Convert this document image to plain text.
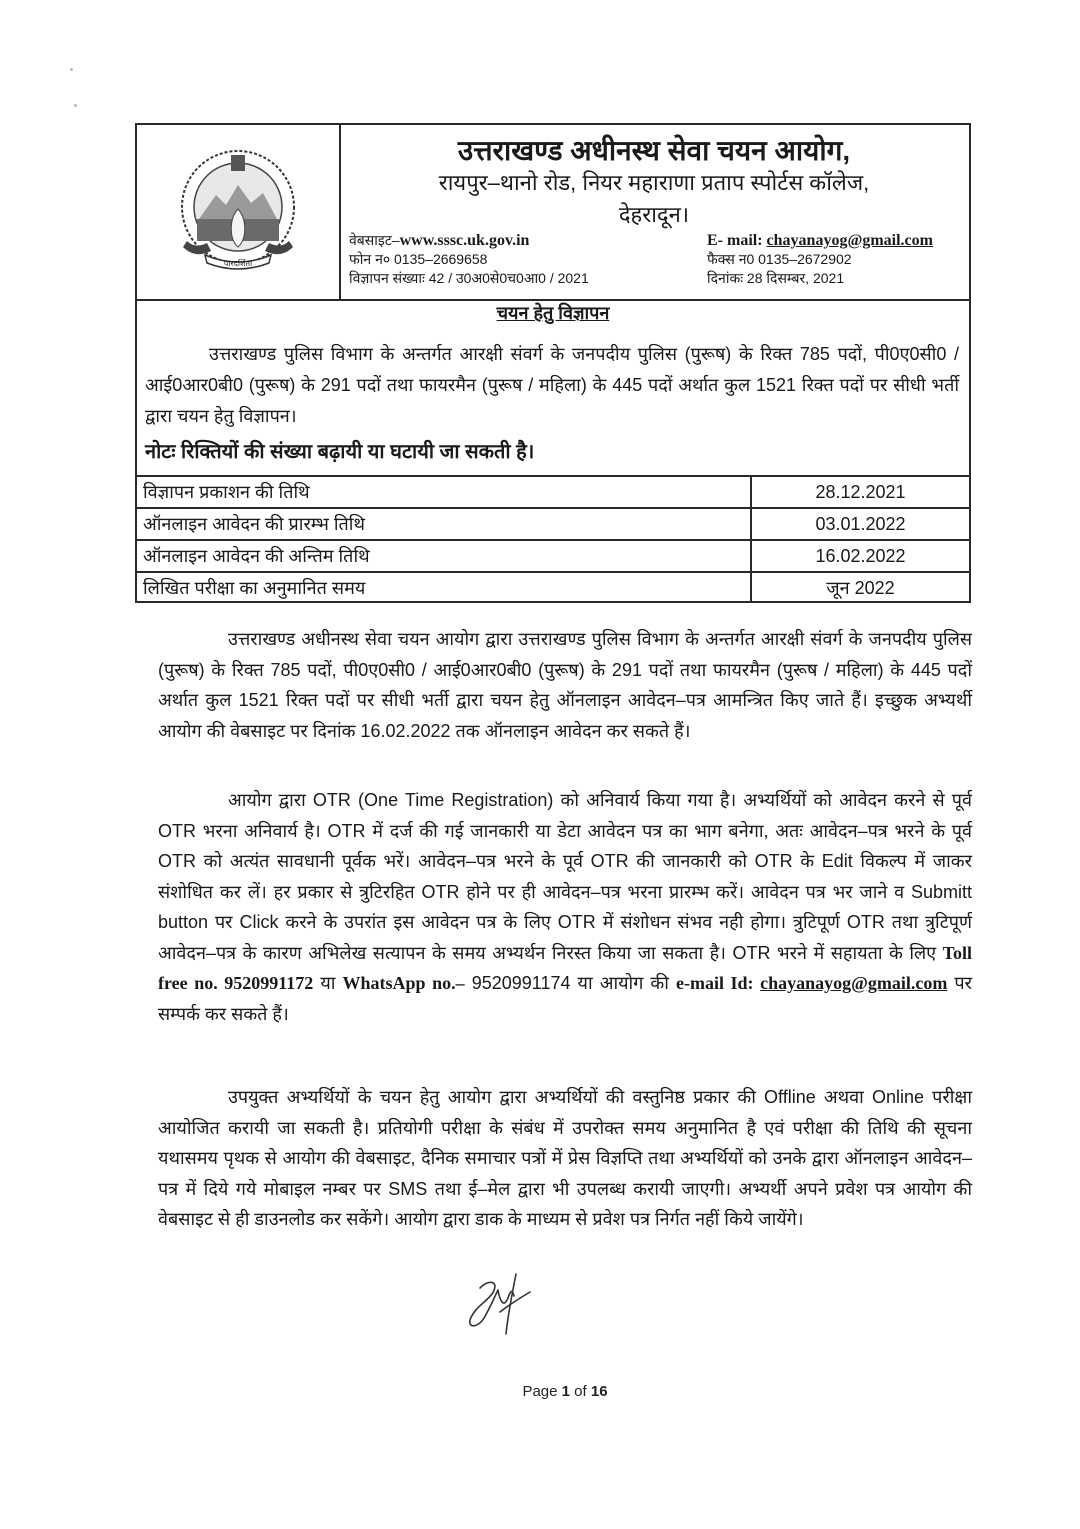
पारदर्शिता
उत्तराखण्ड अधीनस्थ सेवा चयन आयोग,
रायपुर–थानो रोड, नियर महाराणा प्रताप स्पोर्टस कॉलेज,
देहरादून।
वेबसाइट–www.sssc.uk.gov.in
फोन न० 0135–2669658
विज्ञापन संख्याः 42 / उ0अ0से0च0आ0 / 2021
E- mail: chayanayog@gmail.com
फैक्स न0 0135–2672902
दिनांकः 28 दिसम्बर, 2021
चयन हेतु विज्ञापन
उत्तराखण्ड पुलिस विभाग के अन्तर्गत आरक्षी संवर्ग के जनपदीय पुलिस (पुरूष) के रिक्त 785 पदों, पी0ए0सी0 / आई0आर0बी0 (पुरूष) के 291 पदों तथा फायरमैन (पुरूष / महिला) के 445 पदों अर्थात कुल 1521 रिक्त पदों पर सीधी भर्ती द्वारा चयन हेतु विज्ञापन।
नोटः रिक्तियों की संख्या बढ़ायी या घटायी जा सकती है।
विज्ञापन प्रकाशन की तिथि	28.12.2021
ऑनलाइन आवेदन की प्रारम्भ तिथि	03.01.2022
ऑनलाइन आवेदन की अन्तिम तिथि	16.02.2022
लिखित परीक्षा का अनुमानित समय	जून 2022

उत्तराखण्ड अधीनस्थ सेवा चयन आयोग द्वारा उत्तराखण्ड पुलिस विभाग के अन्तर्गत आरक्षी संवर्ग के जनपदीय पुलिस (पुरूष) के रिक्त 785 पदों, पी0ए0सी0 / आई0आर0बी0 (पुरूष) के 291 पदों तथा फायरमैन (पुरूष / महिला) के 445 पदों अर्थात कुल 1521 रिक्त पदों पर सीधी भर्ती द्वारा चयन हेतु ऑनलाइन आवेदन–पत्र आमन्त्रित किए जाते हैं। इच्छुक अभ्यर्थी आयोग की वेबसाइट पर दिनांक 16.02.2022 तक ऑनलाइन आवेदन कर सकते हैं।

आयोग द्वारा OTR (One Time Registration) को अनिवार्य किया गया है। अभ्यर्थियों को आवेदन करने से पूर्व OTR भरना अनिवार्य है। OTR में दर्ज की गई जानकारी या डेटा आवेदन पत्र का भाग बनेगा, अतः आवेदन–पत्र भरने के पूर्व OTR को अत्यंत सावधानी पूर्वक भरें। आवेदन–पत्र भरने के पूर्व OTR की जानकारी को OTR के Edit विकल्प में जाकर संशोधित कर लें। हर प्रकार से त्रुटिरहित OTR होने पर ही आवेदन–पत्र भरना प्रारम्भ करें। आवेदन पत्र भर जाने व Submitt button पर Click करने के उपरांत इस आवेदन पत्र के लिए OTR में संशोधन संभव नही होगा। त्रुटिपूर्ण OTR तथा त्रुटिपूर्ण आवेदन–पत्र के कारण अभिलेख सत्यापन के समय अभ्यर्थन निरस्त किया जा सकता है। OTR भरने में सहायता के लिए Toll free no. 9520991172 या WhatsApp no.– 9520991174 या आयोग की e-mail Id: chayanayog@gmail.com पर सम्पर्क कर सकते हैं।

उपयुक्त अभ्यर्थियों के चयन हेतु आयोग द्वारा अभ्यर्थियों की वस्तुनिष्ठ प्रकार की Offline अथवा Online परीक्षा आयोजित करायी जा सकती है। प्रतियोगी परीक्षा के संबंध में उपरोक्त समय अनुमानित है एवं परीक्षा की तिथि की सूचना यथासमय पृथक से आयोग की वेबसाइट, दैनिक समाचार पत्रों में प्रेस विज्ञप्ति तथा अभ्यर्थियों को उनके द्वारा ऑनलाइन आवेदन–पत्र में दिये गये मोबाइल नम्बर पर SMS तथा ई–मेल द्वारा भी उपलब्ध करायी जाएगी। अभ्यर्थी अपने प्रवेश पत्र आयोग की वेबसाइट से ही डाउनलोड कर सकेंगे। आयोग द्वारा डाक के माध्यम से प्रवेश पत्र निर्गत नहीं किये जायेंगे।

Page 1 of 16
